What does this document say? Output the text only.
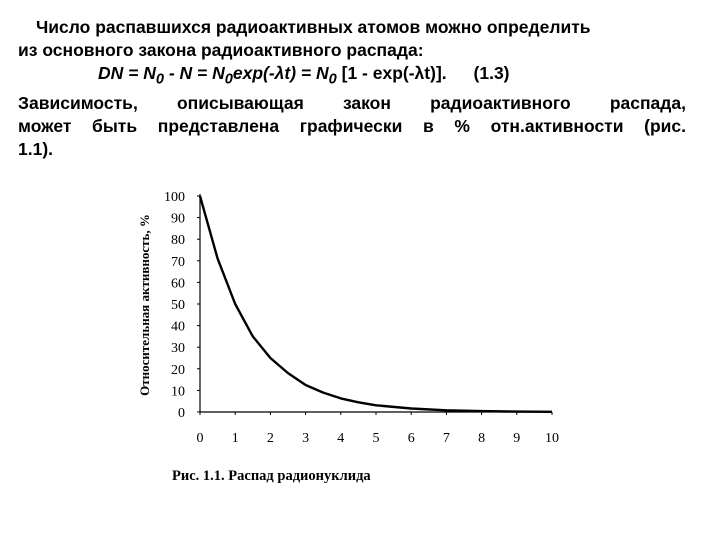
Число распавшихся радиоактивных атомов можно определить
из основного закона радиоактивного распада:
DN = $N_0 - N = N_0\exp(-\lambda t) = N_0$ [1 - exp(-λt)]. (1.3)
Зависимость, описывающая закон радиоактивного распада,
может быть представлена графически в % отн.активности (рис.
1.1).
0
10
20
30
40
50
60
70
80
90
100
0 1 2 3 4 5 6 7 8 9 10
Относительная активность, %
Рис. 1.1. Распад радионуклида
